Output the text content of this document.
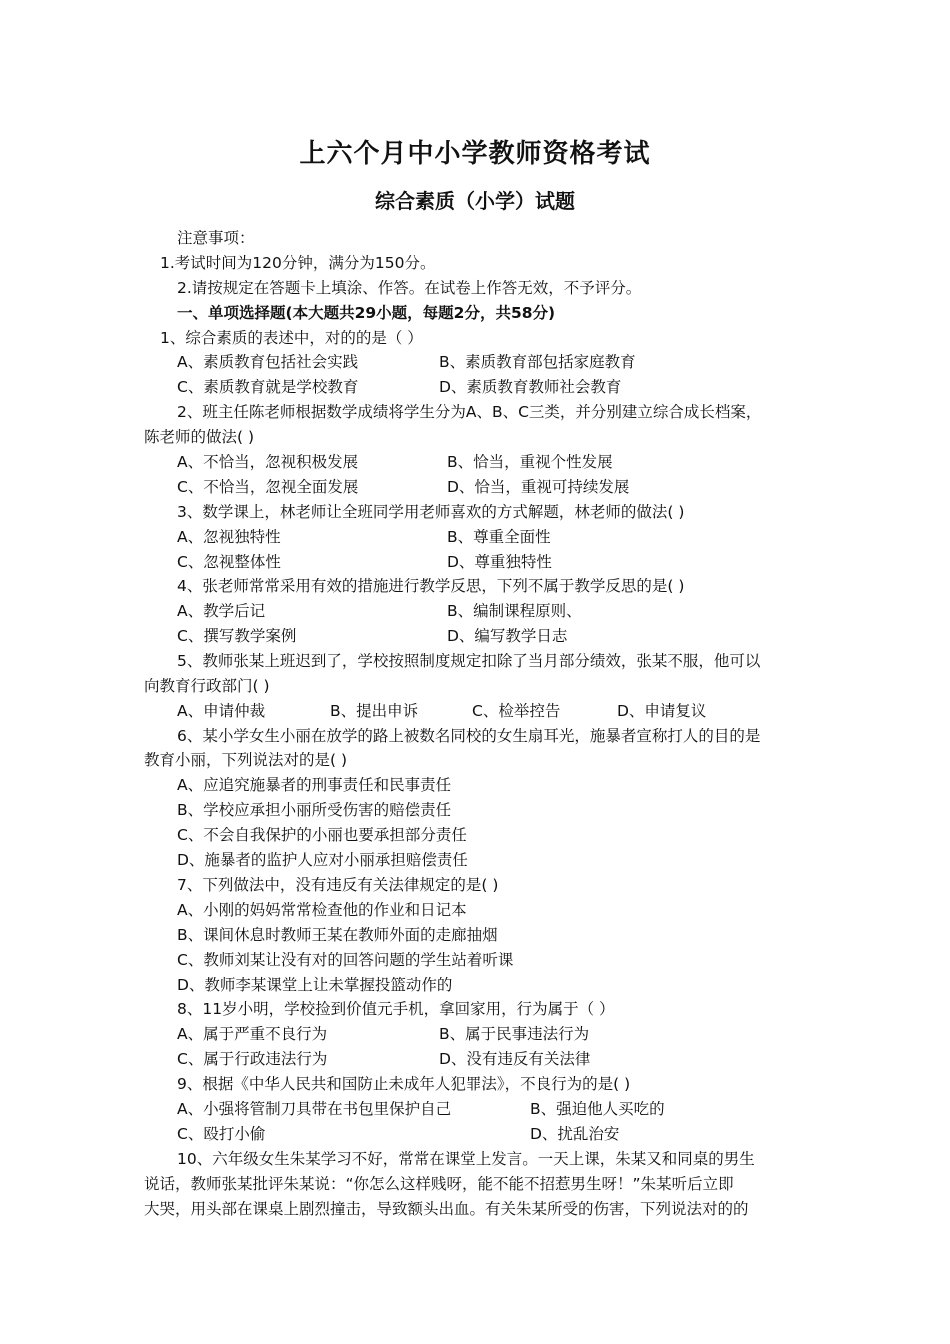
上六个月中小学教师资格考试
综合素质（小学）试题
注意事项：
1.考试时间为120分钟，满分为150分。
2.请按规定在答题卡上填涂、作答。在试卷上作答无效，不予评分。
一、单项选择题(本大题共29小题，每题2分，共58分)
1、综合素质的表述中，对的的是（ ）
A、素质教育包括社会实践	B、素质教育部包括家庭教育
C、素质教育就是学校教育	D、素质教育教师社会教育
2、班主任陈老师根据数学成绩将学生分为A、B、C三类，并分别建立综合成长档案，
陈老师的做法( )
A、不恰当，忽视积极发展	B、恰当，重视个性发展
C、不恰当，忽视全面发展	D、恰当，重视可持续发展
3、数学课上，林老师让全班同学用老师喜欢的方式解题，林老师的做法( )
A、忽视独特性	B、尊重全面性
C、忽视整体性	D、尊重独特性
4、张老师常常采用有效的措施进行教学反思，下列不属于教学反思的是( )
A、教学后记	B、编制课程原则、
C、撰写教学案例	D、编写教学日志
5、教师张某上班迟到了，学校按照制度规定扣除了当月部分绩效，张某不服，他可以
向教育行政部门( )
A、申请仲裁	B、提出申诉	C、检举控告	D、申请复议
6、某小学女生小丽在放学的路上被数名同校的女生扇耳光，施暴者宣称打人的目的是
教育小丽，下列说法对的是( )
A、应追究施暴者的刑事责任和民事责任
B、学校应承担小丽所受伤害的赔偿责任
C、不会自我保护的小丽也要承担部分责任
D、施暴者的监护人应对小丽承担赔偿责任
7、下列做法中，没有违反有关法律规定的是( )
A、小刚的妈妈常常检查他的作业和日记本
B、课间休息时教师王某在教师外面的走廊抽烟
C、教师刘某让没有对的回答问题的学生站着听课
D、教师李某课堂上让未掌握投篮动作的
8、11岁小明，学校捡到价值元手机，拿回家用，行为属于（ ）
A、属于严重不良行为	B、属于民事违法行为
C、属于行政违法行为	D、没有违反有关法律
9、根据《中华人民共和国防止未成年人犯罪法》，不良行为的是( )
A、小强将管制刀具带在书包里保护自己	B、强迫他人买吃的
C、殴打小偷	D、扰乱治安
10、六年级女生朱某学习不好，常常在课堂上发言。一天上课，朱某又和同桌的男生
说话，教师张某批评朱某说：“你怎么这样贱呀，能不能不招惹男生呀！”朱某听后立即
大哭，用头部在课桌上剧烈撞击，导致额头出血。有关朱某所受的伤害，下列说法对的的
